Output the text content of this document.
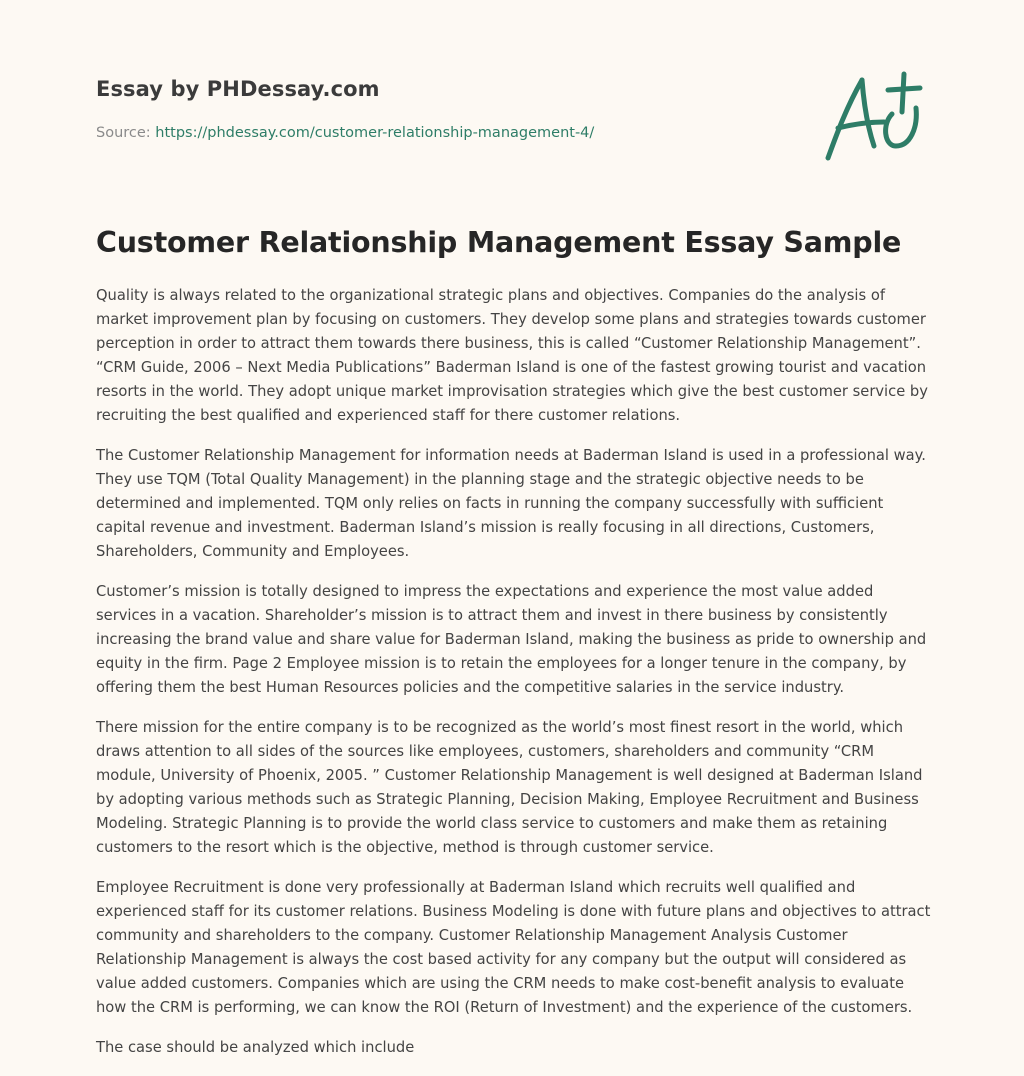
Essay by PHDessay.com

Source: https://phdessay.com/customer-relationship-management-4/

Customer Relationship Management Essay Sample

Quality is always related to the organizational strategic plans and objectives. Companies do the analysis of market improvement plan by focusing on customers. They develop some plans and strategies towards customer perception in order to attract them towards there business, this is called “Customer Relationship Management”. “CRM Guide, 2006 – Next Media Publications” Baderman Island is one of the fastest growing tourist and vacation resorts in the world. They adopt unique market improvisation strategies which give the best customer service by recruiting the best qualified and experienced staff for there customer relations.

The Customer Relationship Management for information needs at Baderman Island is used in a professional way. They use TQM (Total Quality Management) in the planning stage and the strategic objective needs to be determined and implemented. TQM only relies on facts in running the company successfully with sufficient capital revenue and investment. Baderman Island’s mission is really focusing in all directions, Customers, Shareholders, Community and Employees.

Customer’s mission is totally designed to impress the expectations and experience the most value added services in a vacation. Shareholder’s mission is to attract them and invest in there business by consistently increasing the brand value and share value for Baderman Island, making the business as pride to ownership and equity in the firm. Page 2 Employee mission is to retain the employees for a longer tenure in the company, by offering them the best Human Resources policies and the competitive salaries in the service industry.

There mission for the entire company is to be recognized as the world’s most finest resort in the world, which draws attention to all sides of the sources like employees, customers, shareholders and community “CRM module, University of Phoenix, 2005. ” Customer Relationship Management is well designed at Baderman Island by adopting various methods such as Strategic Planning, Decision Making, Employee Recruitment and Business Modeling. Strategic Planning is to provide the world class service to customers and make them as retaining customers to the resort which is the objective, method is through customer service.

Employee Recruitment is done very professionally at Baderman Island which recruits well qualified and experienced staff for its customer relations. Business Modeling is done with future plans and objectives to attract community and shareholders to the company. Customer Relationship Management Analysis Customer Relationship Management is always the cost based activity for any company but the output will considered as value added customers. Companies which are using the CRM needs to make cost-benefit analysis to evaluate how the CRM is performing, we can know the ROI (Return of Investment) and the experience of the customers.

The case should be analyzed which include
